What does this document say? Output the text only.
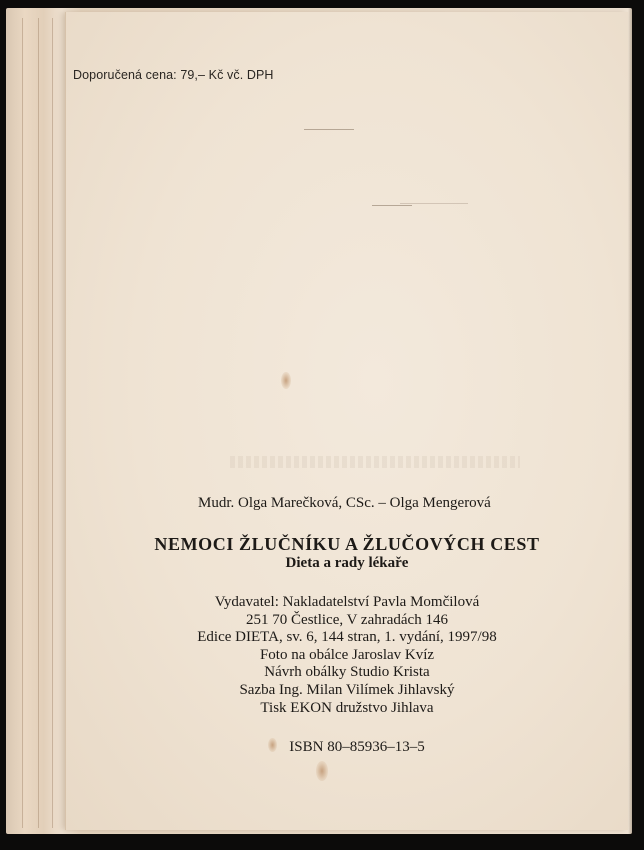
Doporučená cena: 79,– Kč vč. DPH
Mudr. Olga Marečková, CSc. – Olga Mengerová
NEMOCI ŽLUČNÍKU A ŽLUČOVÝCH CEST
Dieta a rady lékaře
Vydavatel: Nakladatelství Pavla Momčilová
251 70 Čestlice, V zahradách 146
Edice DIETA, sv. 6, 144 stran, 1. vydání, 1997/98
Foto na obálce Jaroslav Kvíz
Návrh obálky Studio Krista
Sazba Ing. Milan Vilímek Jihlavský
Tisk EKON družstvo Jihlava
ISBN 80–85936–13–5
